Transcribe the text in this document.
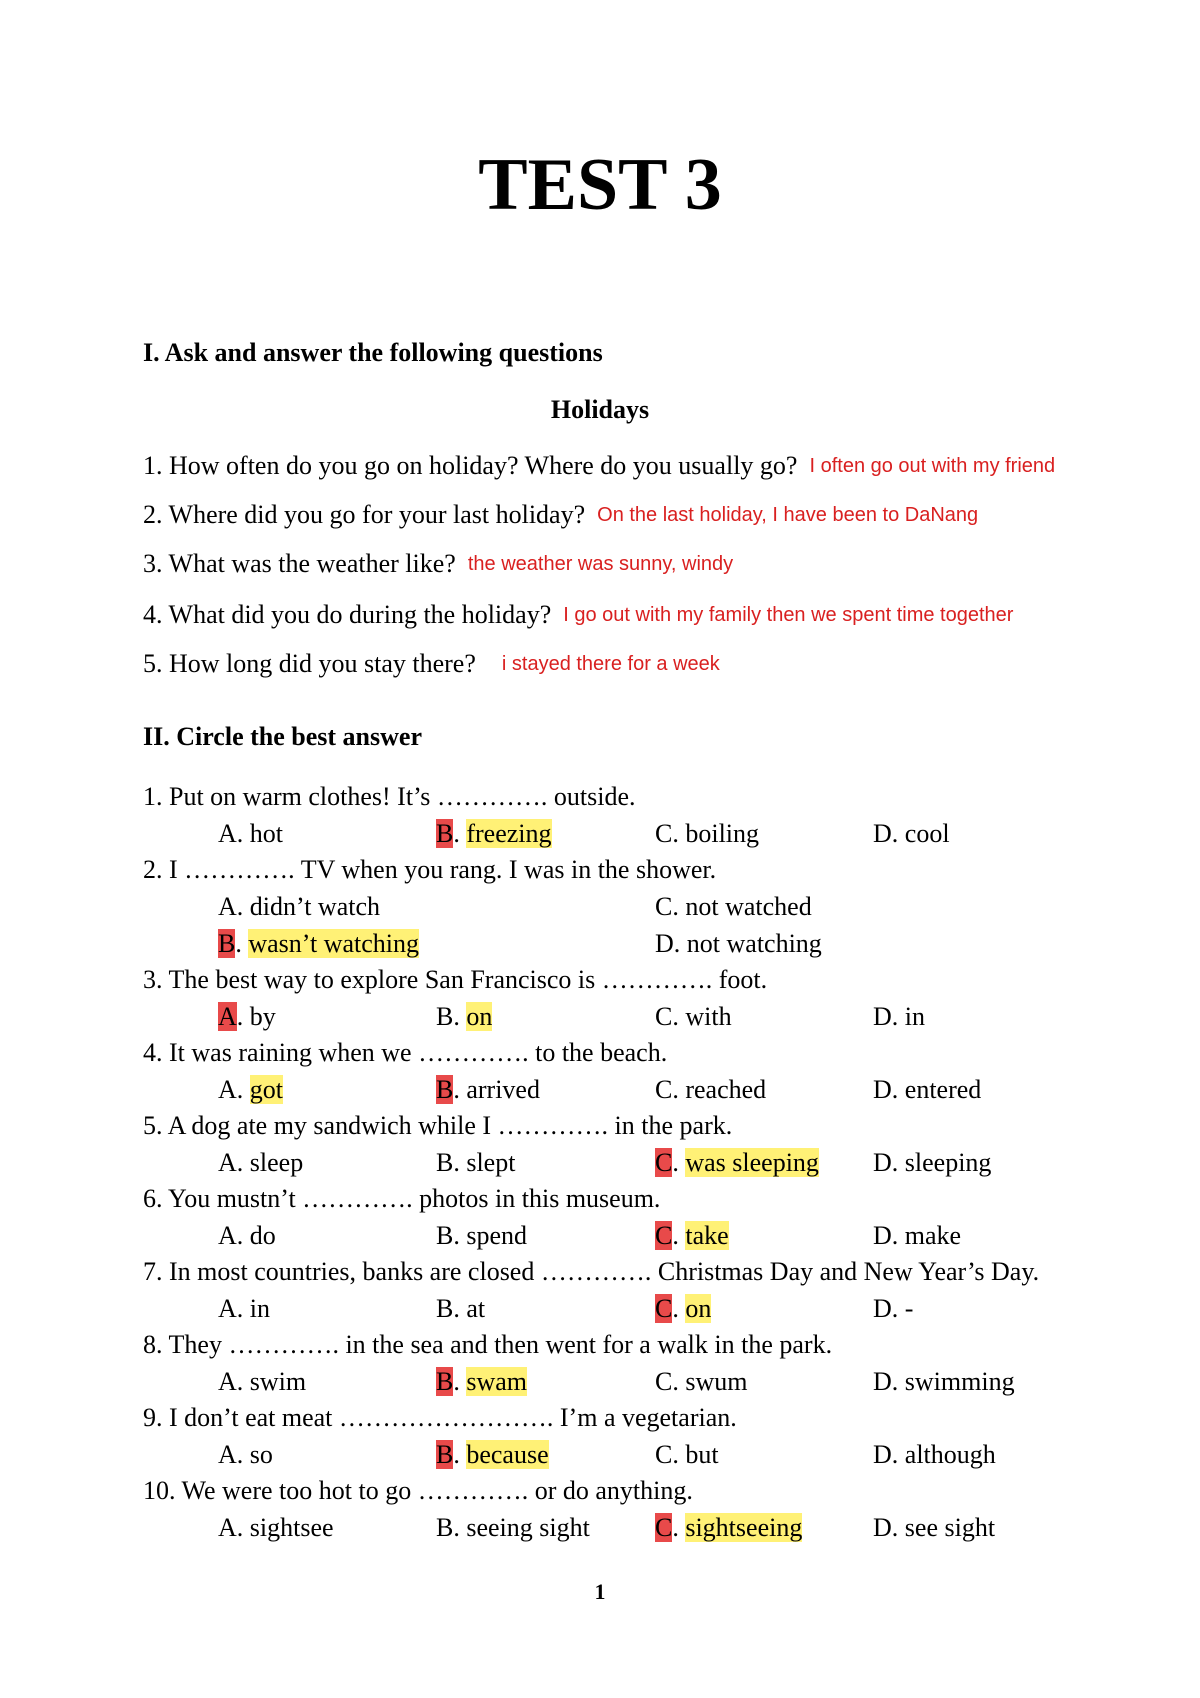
TEST 3
I. Ask and answer the following questions
Holidays
1. How often do you go on holiday? Where do you usually go? I often go out with my friend
2. Where did you go for your last holiday? On the last holiday, I have been to DaNang
3. What was the weather like? the weather was sunny, windy
4. What did you do during the holiday? I go out with my family then we spent time together
5. How long did you stay there? i stayed there for a week
II. Circle the best answer
1. Put on warm clothes! It’s …………. outside.
A. hot	B. freezing	C. boiling	D. cool
2. I …………. TV when you rang. I was in the shower.
A. didn’t watch	C. not watched
B. wasn’t watching	D. not watching
3. The best way to explore San Francisco is …………. foot.
A. by	B. on	C. with	D. in
4. It was raining when we …………. to the beach.
A. got	B. arrived	C. reached	D. entered
5. A dog ate my sandwich while I …………. in the park.
A. sleep	B. slept	C. was sleeping D. sleeping
6. You mustn’t …………. photos in this museum.
A. do	B. spend	C. take	D. make
7. In most countries, banks are closed …………. Christmas Day and New Year’s Day.
A. in	B. at	C. on	D. -
8. They …………. in the sea and then went for a walk in the park.
A. swim	B. swam	C. swum	D. swimming
9. I don’t eat meat ……………………. I’m a vegetarian.
A. so	B. because	C. but	D. although
10. We were too hot to go …………. or do anything.
A. sightsee	B. seeing sight	C. sightseeing	D. see sight
1
